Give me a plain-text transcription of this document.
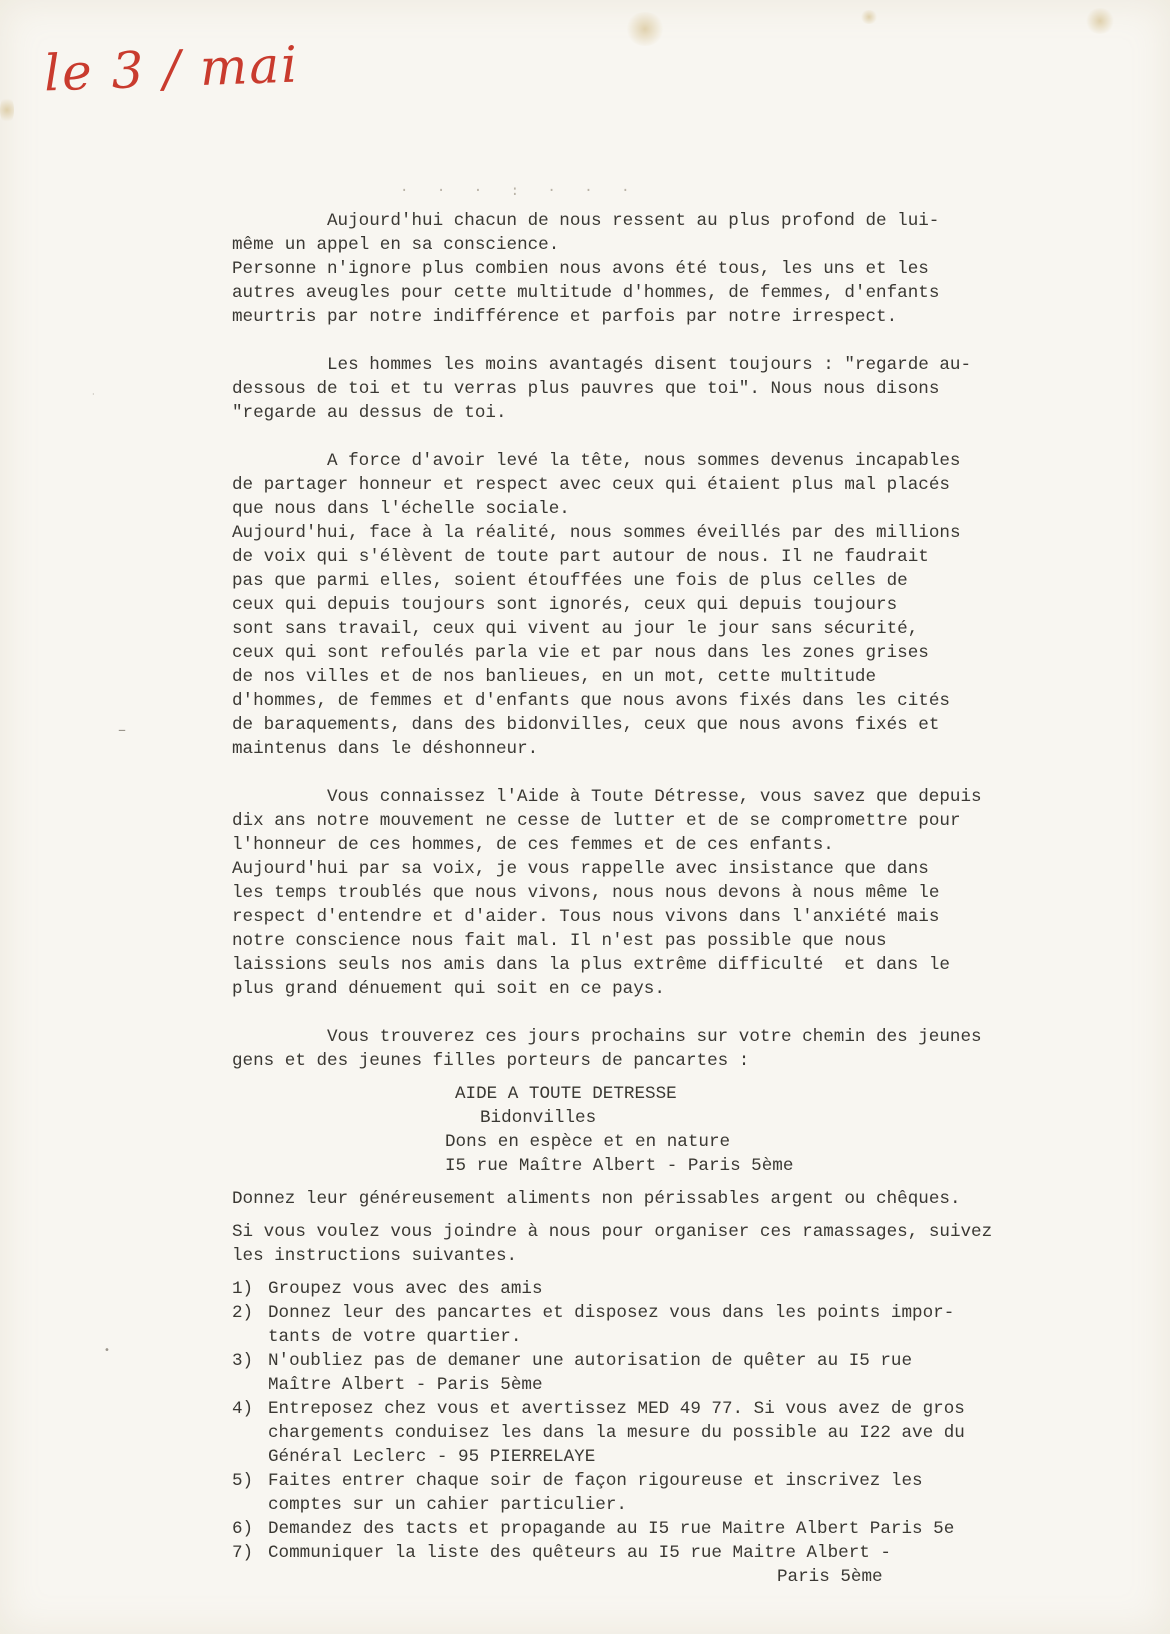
le 3 / mai
· · · : · · ·
–
•
·
Aujourd'hui chacun de nous ressent au plus profond de lui-
même un appel en sa conscience.
Personne n'ignore plus combien nous avons été tous, les uns et les
autres aveugles pour cette multitude d'hommes, de femmes, d'enfants
meurtris par notre indifférence et parfois par notre irrespect.
Les hommes les moins avantagés disent toujours : "regarde au-
dessous de toi et tu verras plus pauvres que toi". Nous nous disons
"regarde au dessus de toi.
A force d'avoir levé la tête, nous sommes devenus incapables
de partager honneur et respect avec ceux qui étaient plus mal placés
que nous dans l'échelle sociale.
Aujourd'hui, face à la réalité, nous sommes éveillés par des millions
de voix qui s'élèvent de toute part autour de nous. Il ne faudrait
pas que parmi elles, soient étouffées une fois de plus celles de
ceux qui depuis toujours sont ignorés, ceux qui depuis toujours
sont sans travail, ceux qui vivent au jour le jour sans sécurité,
ceux qui sont refoulés parla vie et par nous dans les zones grises
de nos villes et de nos banlieues, en un mot, cette multitude
d'hommes, de femmes et d'enfants que nous avons fixés dans les cités
de baraquements, dans des bidonvilles, ceux que nous avons fixés et
maintenus dans le déshonneur.
Vous connaissez l'Aide à Toute Détresse, vous savez que depuis
dix ans notre mouvement ne cesse de lutter et de se compromettre pour
l'honneur de ces hommes, de ces femmes et de ces enfants.
Aujourd'hui par sa voix, je vous rappelle avec insistance que dans
les temps troublés que nous vivons, nous nous devons à nous même le
respect d'entendre et d'aider. Tous nous vivons dans l'anxiété mais
notre conscience nous fait mal. Il n'est pas possible que nous
laissions seuls nos amis dans la plus extrême difficulté  et dans le
plus grand dénuement qui soit en ce pays.
Vous trouverez ces jours prochains sur votre chemin des jeunes
gens et des jeunes filles porteurs de pancartes :
AIDE A TOUTE DETRESSE
Bidonvilles
Dons en espèce et en nature
I5 rue Maître Albert - Paris 5ème
Donnez leur généreusement aliments non périssables argent ou chêques.
Si vous voulez vous joindre à nous pour organiser ces ramassages, suivez
les instructions suivantes.
1) Groupez vous avec des amis
2) Donnez leur des pancartes et disposez vous dans les points impor-
tants de votre quartier.
3) N'oubliez pas de demaner une autorisation de quêter au I5 rue
Maître Albert - Paris 5ème
4) Entreposez chez vous et avertissez MED 49 77. Si vous avez de gros
chargements conduisez les dans la mesure du possible au I22 ave du
Général Leclerc - 95 PIERRELAYE
5) Faites entrer chaque soir de façon rigoureuse et inscrivez les
comptes sur un cahier particulier.
6) Demandez des tacts et propagande au I5 rue Maitre Albert Paris 5e
7) Communiquer la liste des quêteurs au I5 rue Maitre Albert -
Paris 5ème
